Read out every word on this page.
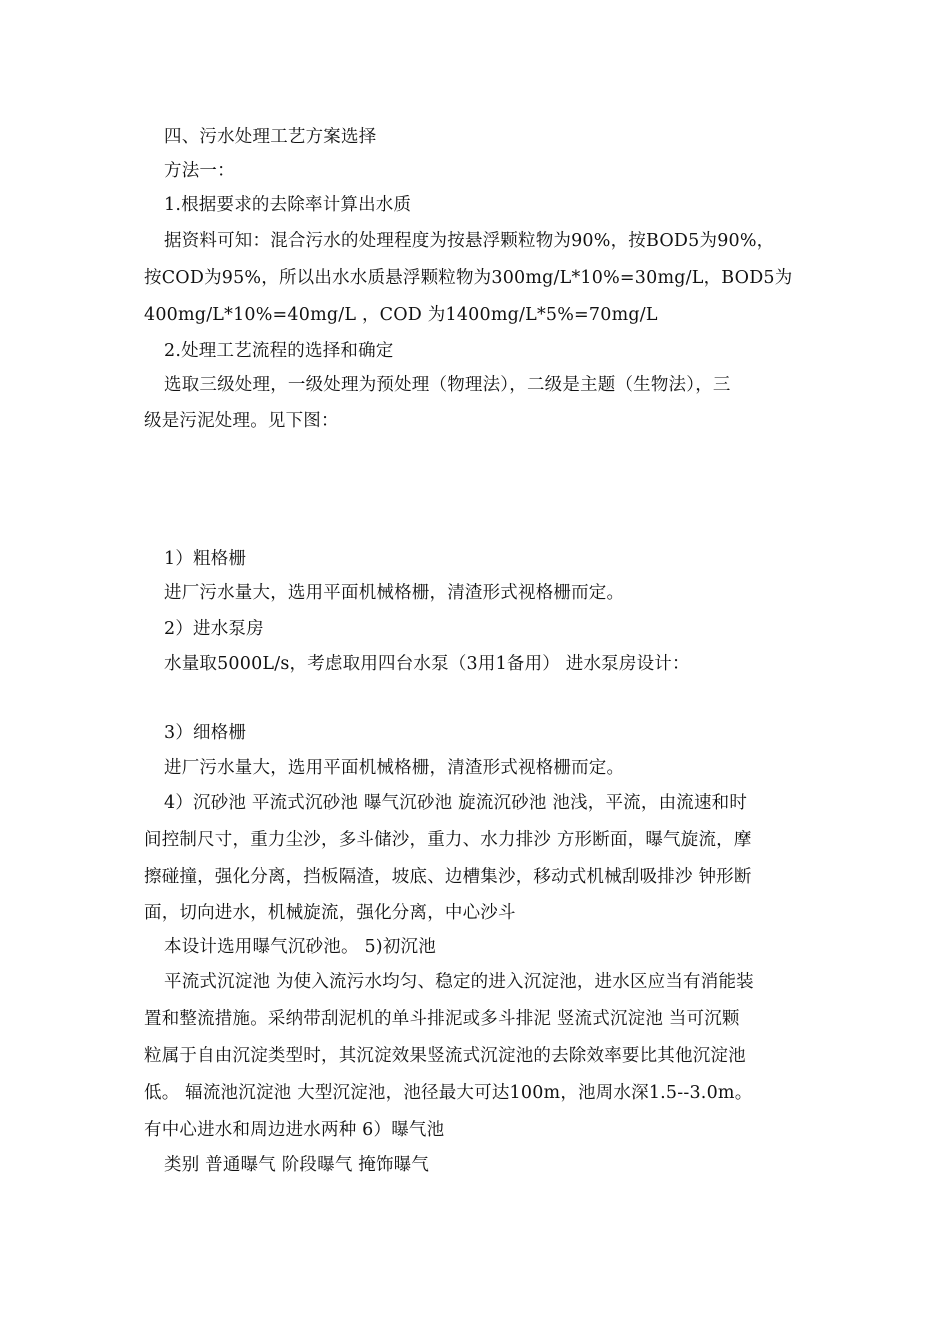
四、污水处理工艺方案选择
方法一：
1.根据要求的去除率计算出水质
据资料可知：混合污水的处理程度为按悬浮颗粒物为90%，按BOD5为90%，
按COD为95%，所以出水水质悬浮颗粒物为300mg/L*10%=30mg/L，BOD5为
400mg/L*10%=40mg/L ，COD 为1400mg/L*5%=70mg/L
2.处理工艺流程的选择和确定
选取三级处理，一级处理为预处理（物理法），二级是主题（生物法），三
级是污泥处理。见下图：
1）粗格栅
进厂污水量大，选用平面机械格栅，清渣形式视格栅而定。
2）进水泵房
水量取5000L/s，考虑取用四台水泵（3用1备用） 进水泵房设计：
3）细格栅
进厂污水量大，选用平面机械格栅，清渣形式视格栅而定。
4）沉砂池 平流式沉砂池 曝气沉砂池 旋流沉砂池 池浅，平流，由流速和时
间控制尺寸，重力尘沙，多斗储沙，重力、水力排沙 方形断面，曝气旋流，摩
擦碰撞，强化分离，挡板隔渣，坡底、边槽集沙，移动式机械刮吸排沙 钟形断
面，切向进水，机械旋流，强化分离，中心沙斗
本设计选用曝气沉砂池。 5)初沉池
平流式沉淀池 为使入流污水均匀、稳定的进入沉淀池，进水区应当有消能装
置和整流措施。采纳带刮泥机的单斗排泥或多斗排泥 竖流式沉淀池 当可沉颗
粒属于自由沉淀类型时，其沉淀效果竖流式沉淀池的去除效率要比其他沉淀池
低。 辐流池沉淀池 大型沉淀池，池径最大可达100m，池周水深1.5--3.0m。
有中心进水和周边进水两种 6）曝气池
类别 普通曝气 阶段曝气 掩饰曝气
